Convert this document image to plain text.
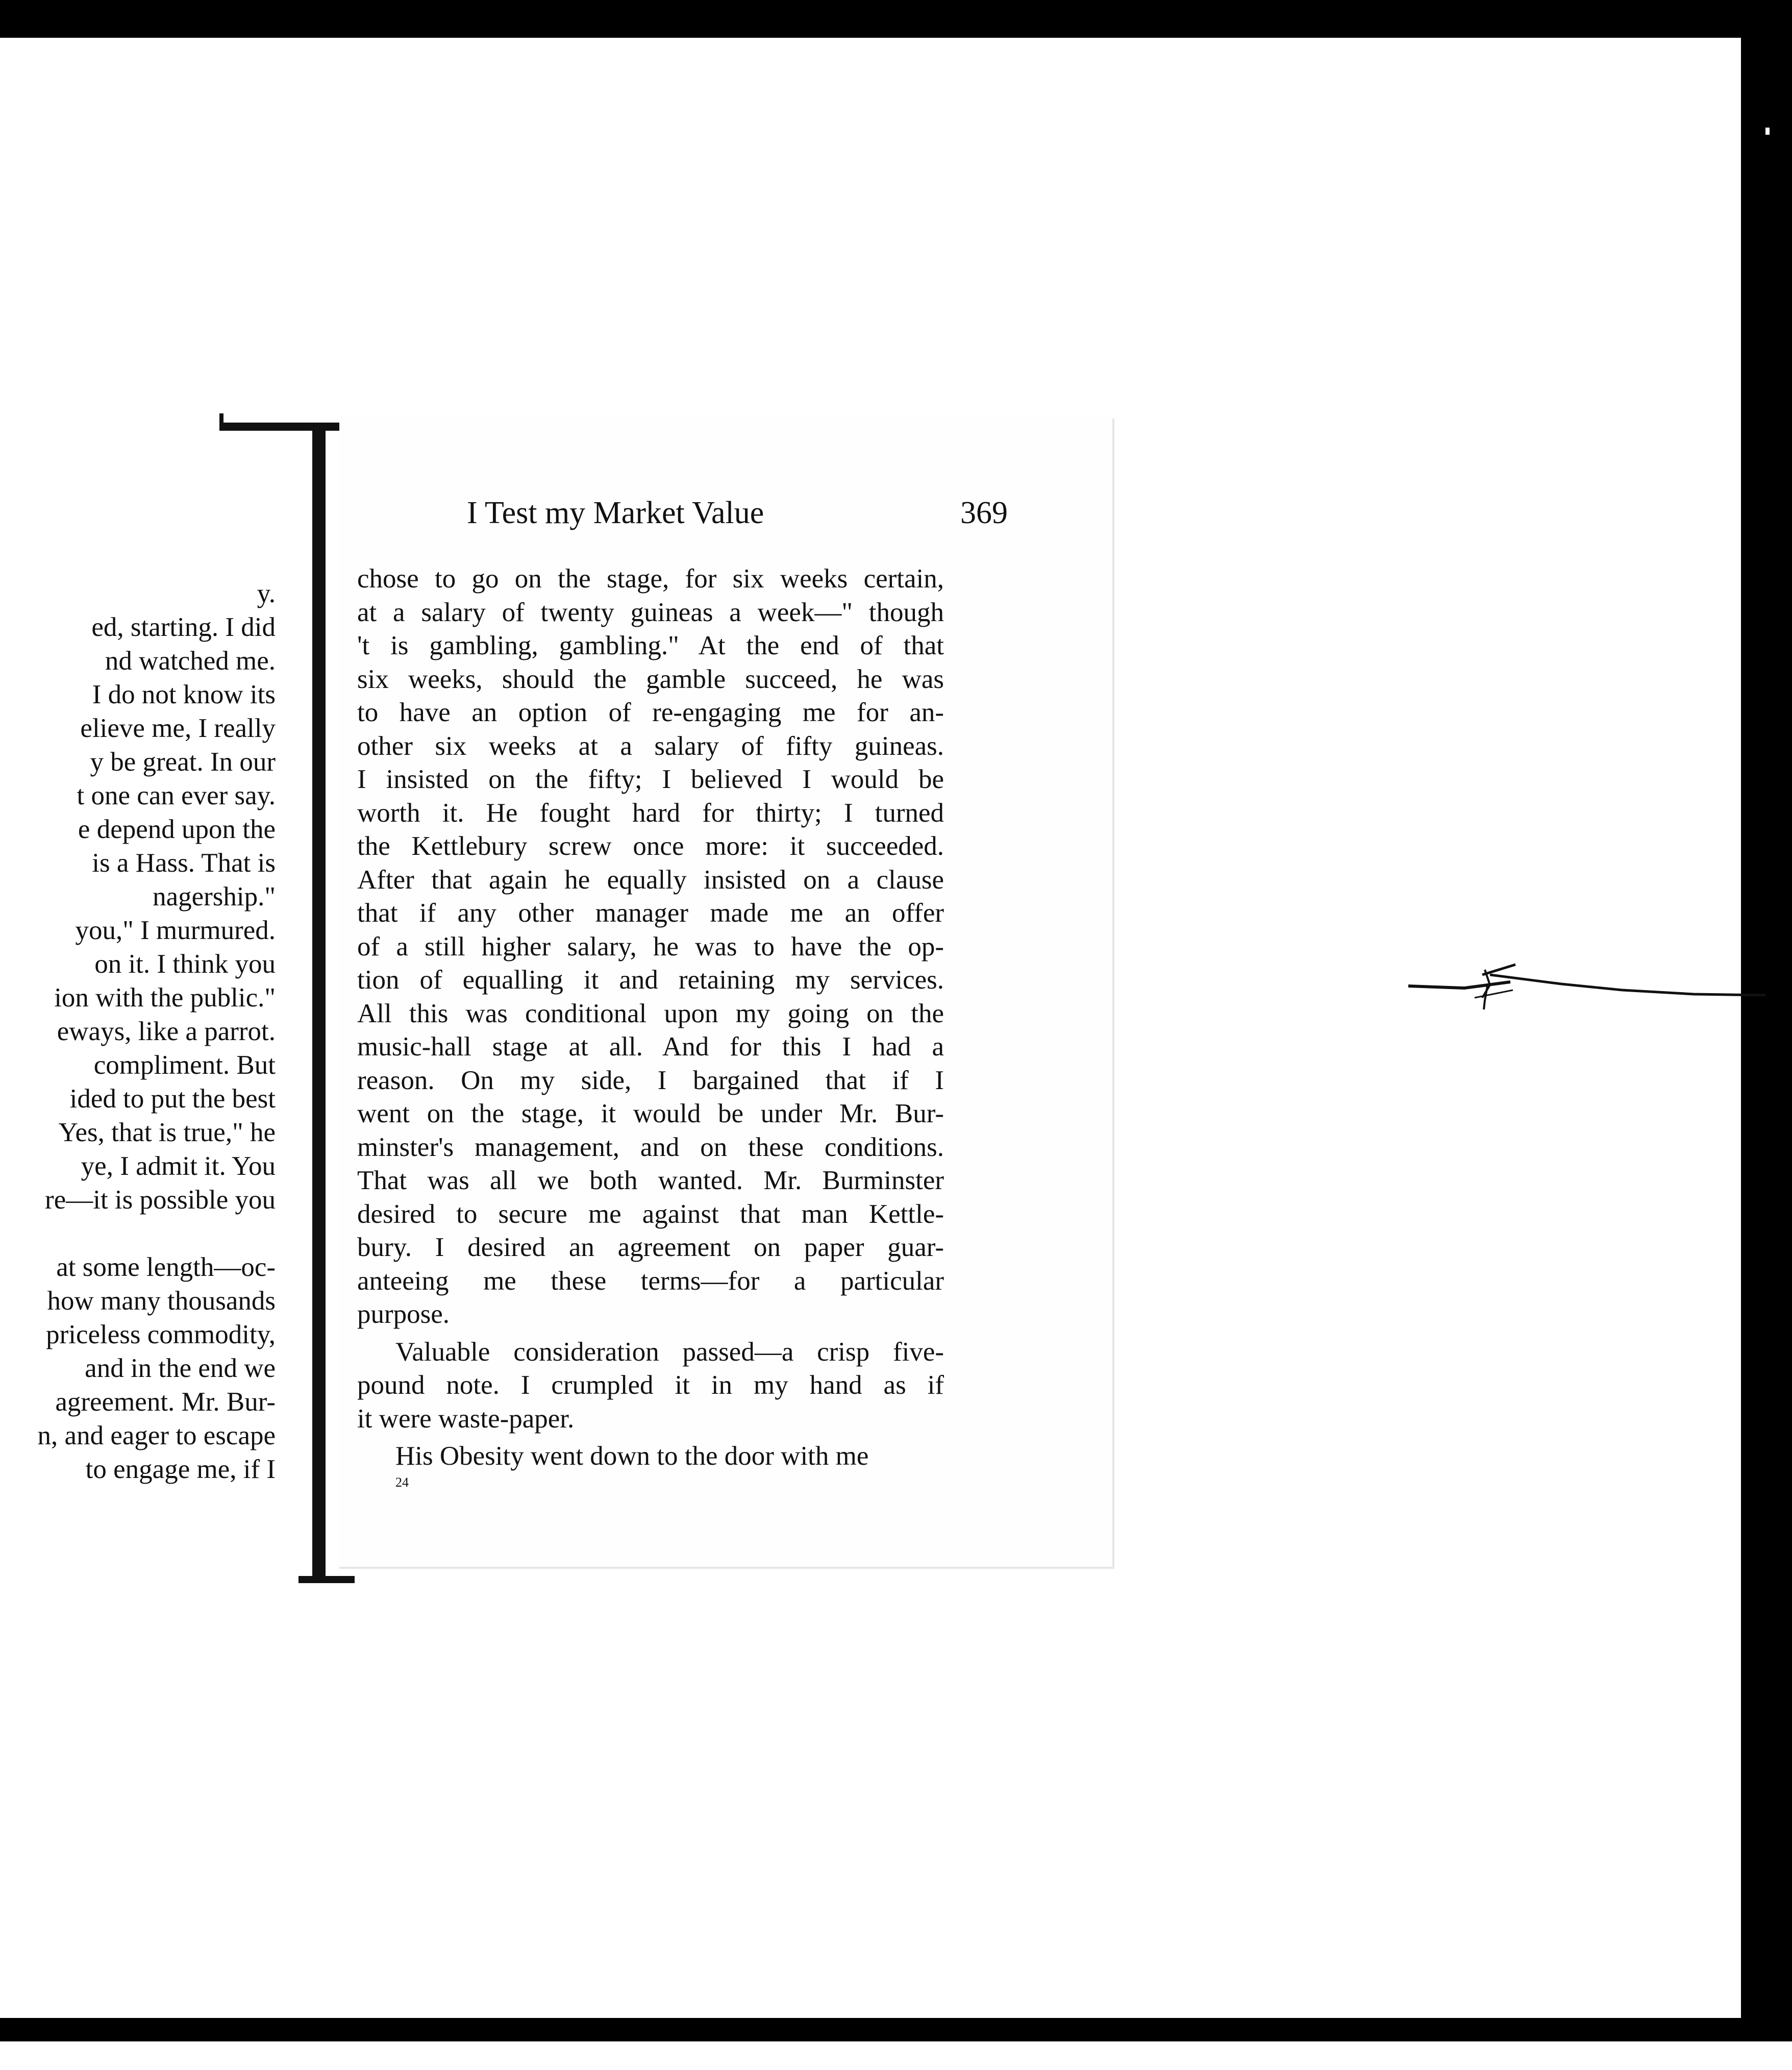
y.
ed, starting. I did
nd watched me.
I do not know its
elieve me, I really
y be great. In our
t one can ever say.
e depend upon the
is a Hass. That is
nagership."
you," I murmured.
on it. I think you
ion with the public."
eways, like a parrot.
compliment. But
ided to put the best
Yes, that is true," he
ye, I admit it. You
re—it is possible you

at some length—oc-
how many thousands
priceless commodity,
and in the end we
agreement. Mr. Bur-
n, and eager to escape
to engage me, if I
I Test my Market Value	369
chose to go on the stage, for six weeks certain,
at a salary of twenty guineas a week—" though
't is gambling, gambling." At the end of that
six weeks, should the gamble succeed, he was
to have an option of re-engaging me for an-
other six weeks at a salary of fifty guineas.
I insisted on the fifty; I believed I would be
worth it. He fought hard for thirty; I turned
the Kettlebury screw once more: it succeeded.
After that again he equally insisted on a clause
that if any other manager made me an offer
of a still higher salary, he was to have the op-
tion of equalling it and retaining my services.
All this was conditional upon my going on the
music-hall stage at all. And for this I had a
reason. On my side, I bargained that if I
went on the stage, it would be under Mr. Bur-
minster's management, and on these conditions.
That was all we both wanted. Mr. Burminster
desired to secure me against that man Kettle-
bury. I desired an agreement on paper guar-
anteeing me these terms—for a particular
purpose.
Valuable consideration passed—a crisp five-
pound note. I crumpled it in my hand as if
it were waste-paper.
His Obesity went down to the door with me
24
